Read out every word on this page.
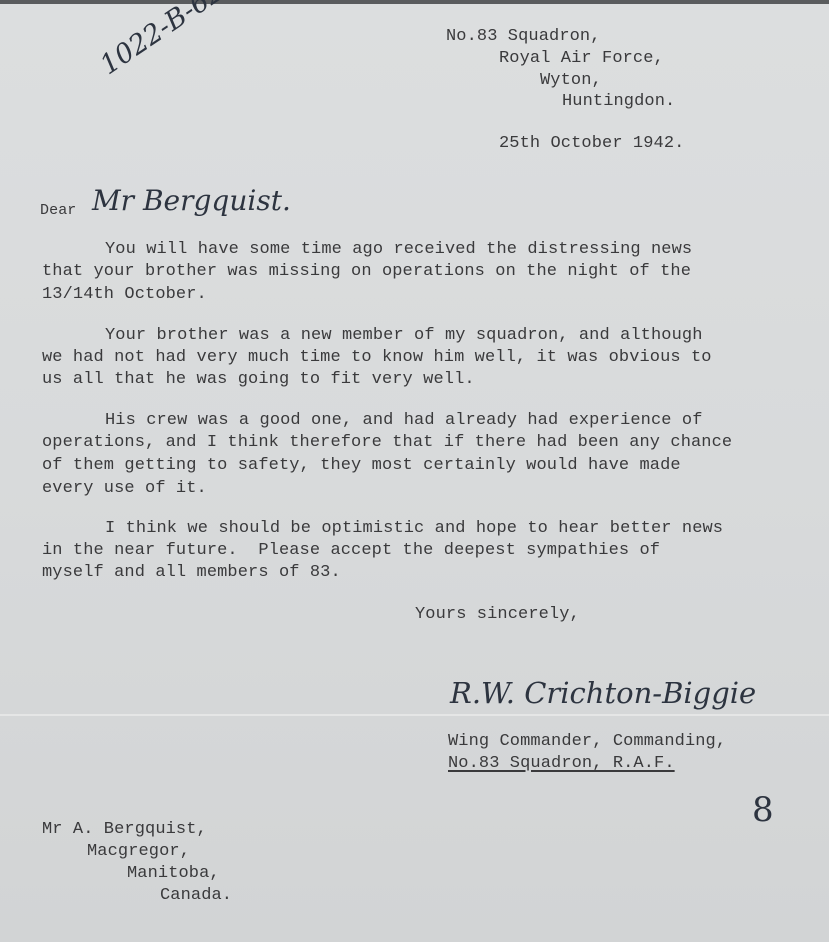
No.83 Squadron,
Royal Air Force,
Wyton,
Huntingdon.
25th October 1942.
Dear Mr Bergquist.
You will have some time ago received the distressing news
that your brother was missing on operations on the night of the
13/14th October.
Your brother was a new member of my squadron, and although
we had not had very much time to know him well, it was obvious to
us all that he was going to fit very well.
His crew was a good one, and had already had experience of
operations, and I think therefore that if there had been any chance
of them getting to safety, they most certainly would have made
every use of it.
I think we should be optimistic and hope to hear better news
in the near future.  Please accept the deepest sympathies of
myself and all members of 83.
Yours sincerely,
R.W. Crichton-Biggie
Wing Commander, Commanding,
No.83 Squadron, R.A.F.
8
Mr A. Bergquist,
Macgregor,
Manitoba,
Canada.
